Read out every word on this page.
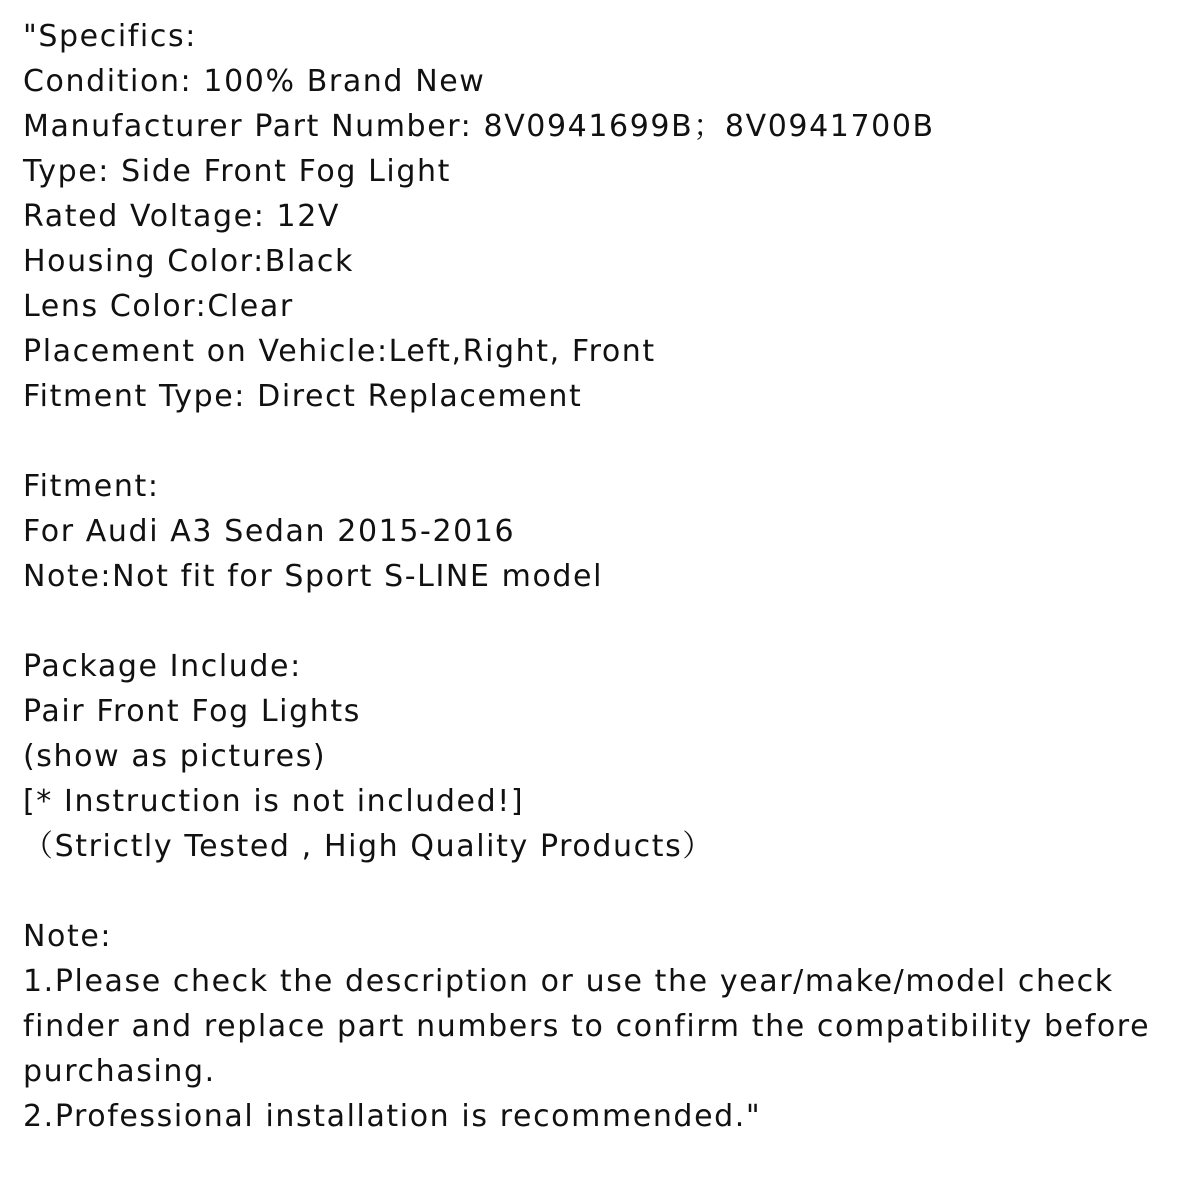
"Specifics:
Condition: 100% Brand New
Manufacturer Part Number: 8V0941699B；8V0941700B
Type: Side Front Fog Light
Rated Voltage: 12V
Housing Color:Black
Lens Color:Clear
Placement on Vehicle:Left,Right, Front
Fitment Type: Direct Replacement
Fitment:
For Audi A3 Sedan 2015-2016
Note:Not fit for Sport S-LINE model
Package Include:
Pair Front Fog Lights
(show as pictures)
[* Instruction is not included!]
（Strictly Tested , High Quality Products）
Note:
1.Please check the description or use the year/make/model check
finder and replace part numbers to confirm the compatibility before
purchasing.
2.Professional installation is recommended."
